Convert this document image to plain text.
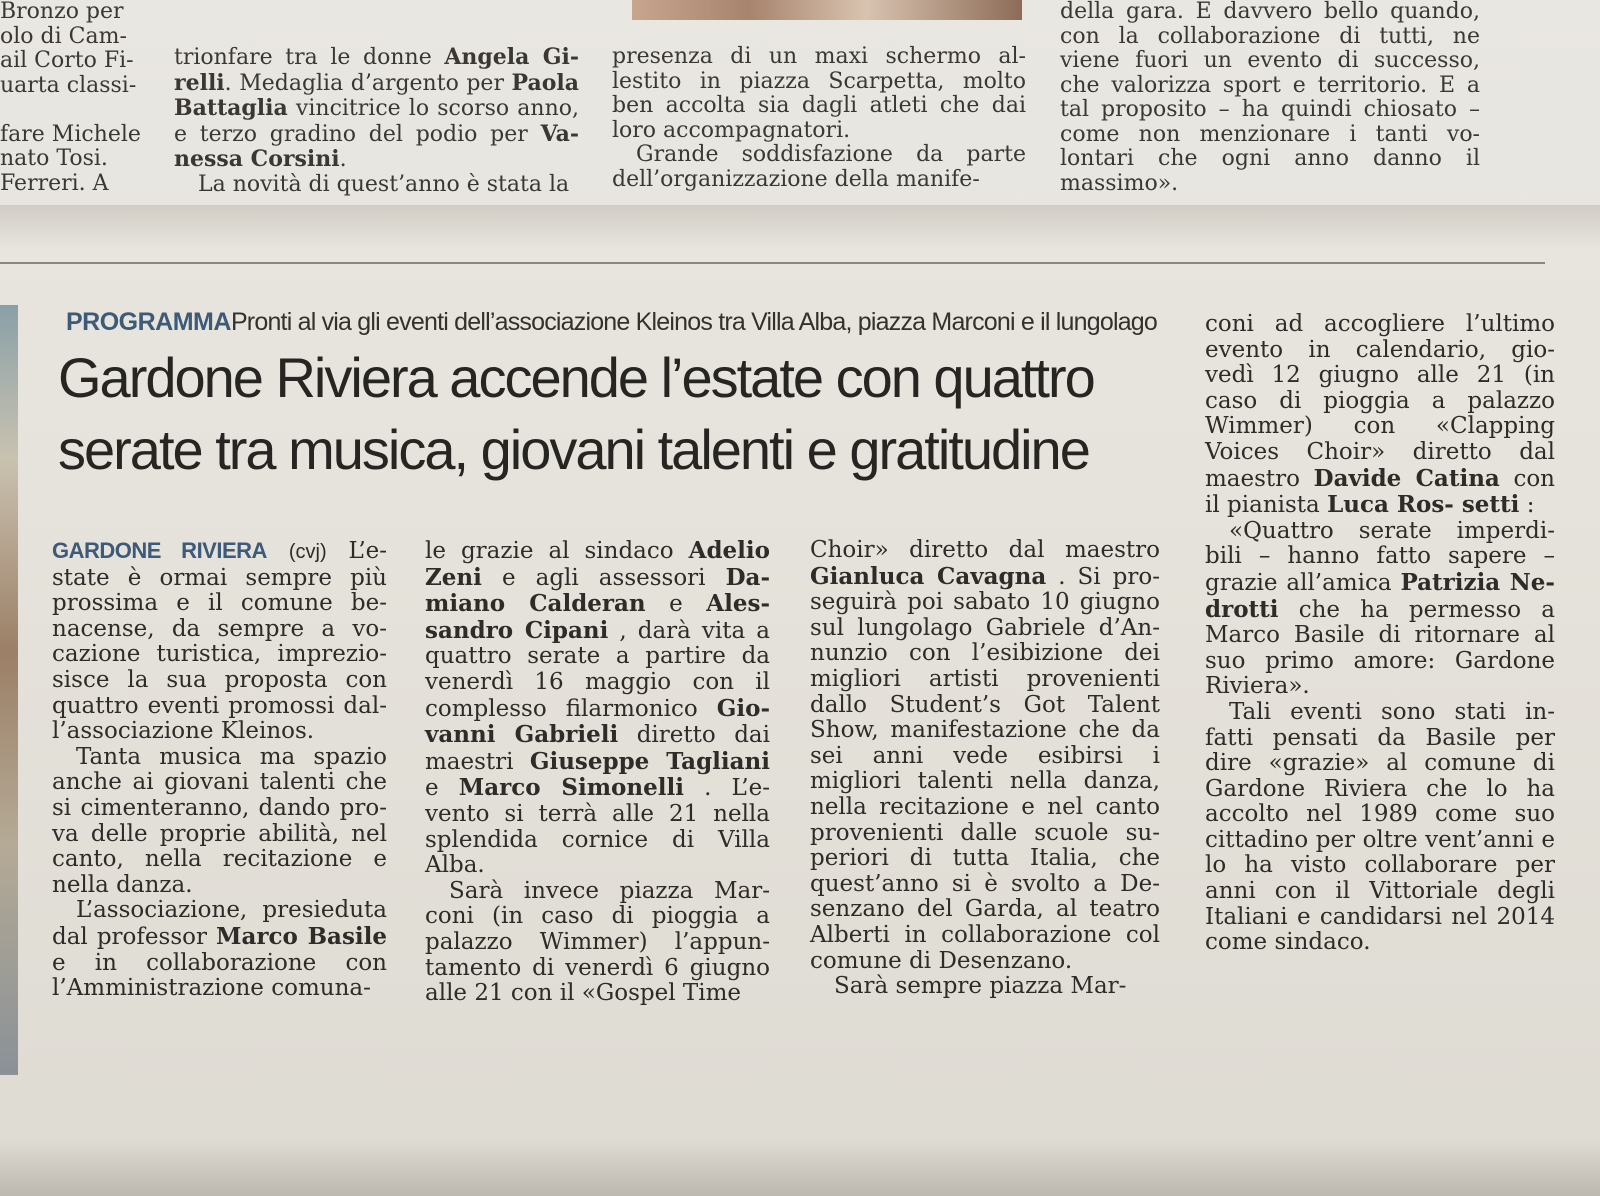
Bronzo per
olo di Cam-
ail Corto Fi-
uarta classi-
fare Michele
nato Tosi.
Ferreri. A

trionfare tra le donne Angela Gi- relli. Medaglia d’argento per Paola Battaglia vincitrice lo scorso anno, e terzo gradino del podio per Va- nessa Corsini.

La novità di quest’anno è stata la

presenza di un maxi schermo al- lestito in piazza Scarpetta, molto ben accolta sia dagli atleti che dai loro accompagnatori.

Grande soddisfazione da parte dell’organizzazione della manife-

della gara. È davvero bello quando, con la collaborazione di tutti, ne viene fuori un evento di successo, che valorizza sport e territorio. E a tal proposito – ha quindi chiosato – come non menzionare i tanti vo- lontari che ogni anno danno il massimo».

PROGRAMMAPronti al via gli eventi dell’associazione Kleinos tra Villa Alba, piazza Marconi e il lungolago
Gardone Riviera accende l’estate con quattro
serate tra musica, giovani talenti e gratitudine

GARDONE RIVIERA (cvj) L’e- state è ormai sempre più prossima e il comune be- nacense, da sempre a vo- cazione turistica, imprezio- sisce la sua proposta con quattro eventi promossi dal- l’associazione Kleinos.

Tanta musica ma spazio anche ai giovani talenti che si cimenteranno, dando pro- va delle proprie abilità, nel canto, nella recitazione e nella danza.

L’associazione, presieduta dal professor Marco Basile e in collaborazione con l’Amministrazione comuna-

le grazie al sindaco Adelio Zeni e agli assessori Da- miano Calderan e Ales- sandro Cipani , darà vita a quattro serate a partire da venerdì 16 maggio con il complesso filarmonico Gio- vanni Gabrieli diretto dai maestri Giuseppe Tagliani e Marco Simonelli . L’e- vento si terrà alle 21 nella splendida cornice di Villa Alba.

Sarà invece piazza Mar- coni (in caso di pioggia a palazzo Wimmer) l’appun- tamento di venerdì 6 giugno alle 21 con il «Gospel Time

Choir» diretto dal maestro Gianluca Cavagna . Si pro- seguirà poi sabato 10 giugno sul lungolago Gabriele d’An- nunzio con l’esibizione dei migliori artisti provenienti dallo Student’s Got Talent Show, manifestazione che da sei anni vede esibirsi i migliori talenti nella danza, nella recitazione e nel canto provenienti dalle scuole su- periori di tutta Italia, che quest’anno si è svolto a De- senzano del Garda, al teatro Alberti in collaborazione col comune di Desenzano.

Sarà sempre piazza Mar-

coni ad accogliere l’ultimo evento in calendario, gio- vedì 12 giugno alle 21 (in caso di pioggia a palazzo Wimmer) con «Clapping Voices Choir» diretto dal maestro Davide Catina con il pianista Luca Ros- setti :

«Quattro serate imperdi- bili – hanno fatto sapere – grazie all’amica Patrizia Ne- drotti che ha permesso a Marco Basile di ritornare al suo primo amore: Gardone Riviera».

Tali eventi sono stati in- fatti pensati da Basile per dire «grazie» al comune di Gardone Riviera che lo ha accolto nel 1989 come suo cittadino per oltre vent’anni e lo ha visto collaborare per anni con il Vittoriale degli Italiani e candidarsi nel 2014 come sindaco.
